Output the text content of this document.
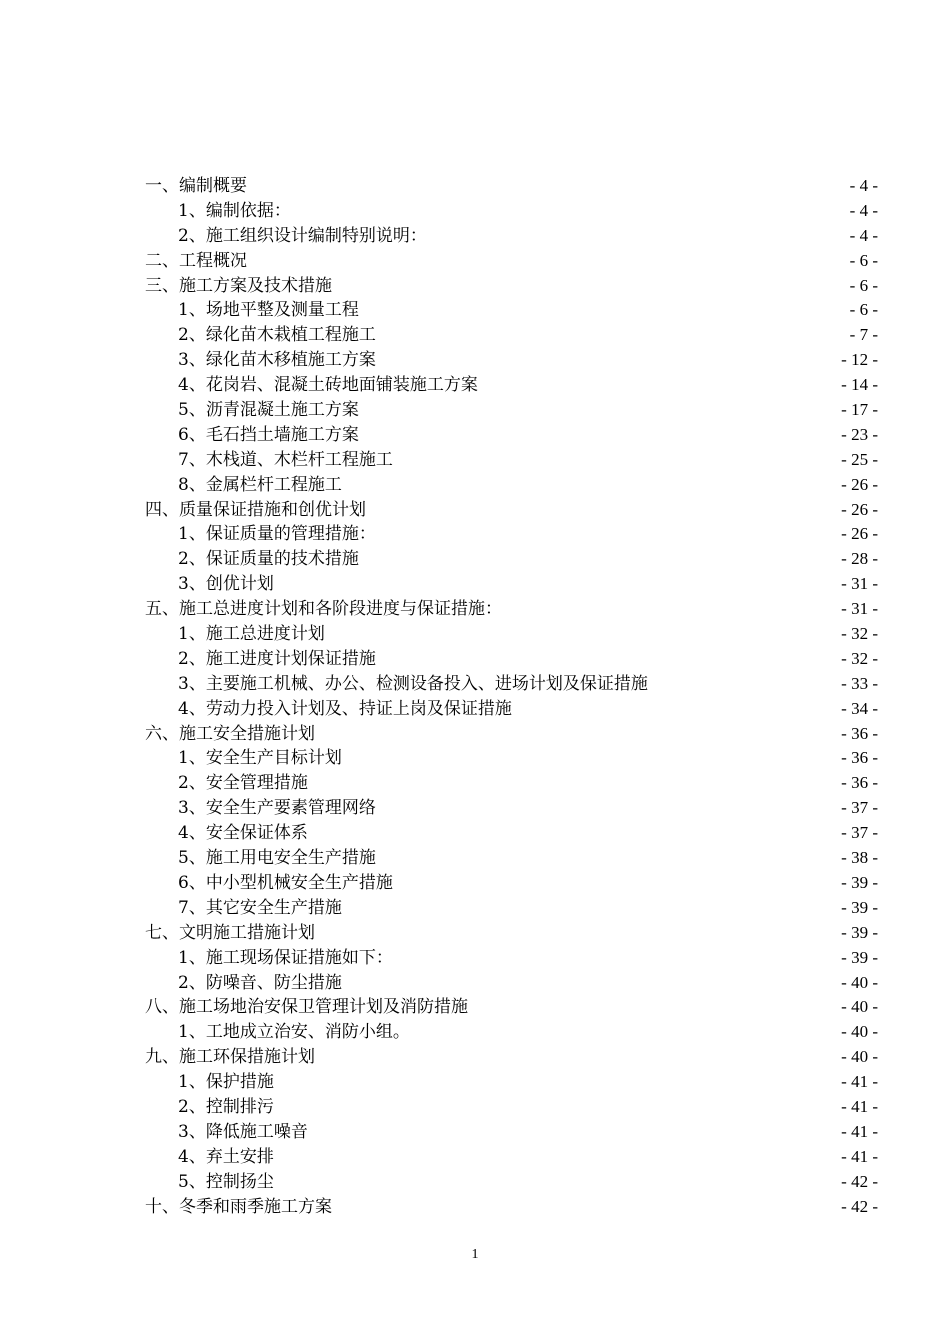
一、编制概要	- 4 -
1、编制依据：	- 4 -
2、施工组织设计编制特别说明：	- 4 -
二、工程概况	- 6 -
三、施工方案及技术措施	- 6 -
1、场地平整及测量工程	- 6 -
2、绿化苗木栽植工程施工	- 7 -
3、绿化苗木移植施工方案	- 12 -
4、花岗岩、混凝土砖地面铺装施工方案	- 14 -
5、沥青混凝土施工方案	- 17 -
6、毛石挡土墙施工方案	- 23 -
7、木栈道、木栏杆工程施工	- 25 -
8、金属栏杆工程施工	- 26 -
四、质量保证措施和创优计划	- 26 -
1、保证质量的管理措施：	- 26 -
2、保证质量的技术措施	- 28 -
3、创优计划	- 31 -
五、施工总进度计划和各阶段进度与保证措施：	- 31 -
1、施工总进度计划	- 32 -
2、施工进度计划保证措施	- 32 -
3、主要施工机械、办公、检测设备投入、进场计划及保证措施	- 33 -
4、劳动力投入计划及、持证上岗及保证措施	- 34 -
六、施工安全措施计划	- 36 -
1、安全生产目标计划	- 36 -
2、安全管理措施	- 36 -
3、安全生产要素管理网络	- 37 -
4、安全保证体系	- 37 -
5、施工用电安全生产措施	- 38 -
6、中小型机械安全生产措施	- 39 -
7、其它安全生产措施	- 39 -
七、文明施工措施计划	- 39 -
1、施工现场保证措施如下：	- 39 -
2、防噪音、防尘措施	- 40 -
八、施工场地治安保卫管理计划及消防措施	- 40 -
1、工地成立治安、消防小组。	- 40 -
九、施工环保措施计划	- 40 -
1、保护措施	- 41 -
2、控制排污	- 41 -
3、降低施工噪音	- 41 -
4、弃土安排	- 41 -
5、控制扬尘	- 42 -
十、冬季和雨季施工方案	- 42 -
1
